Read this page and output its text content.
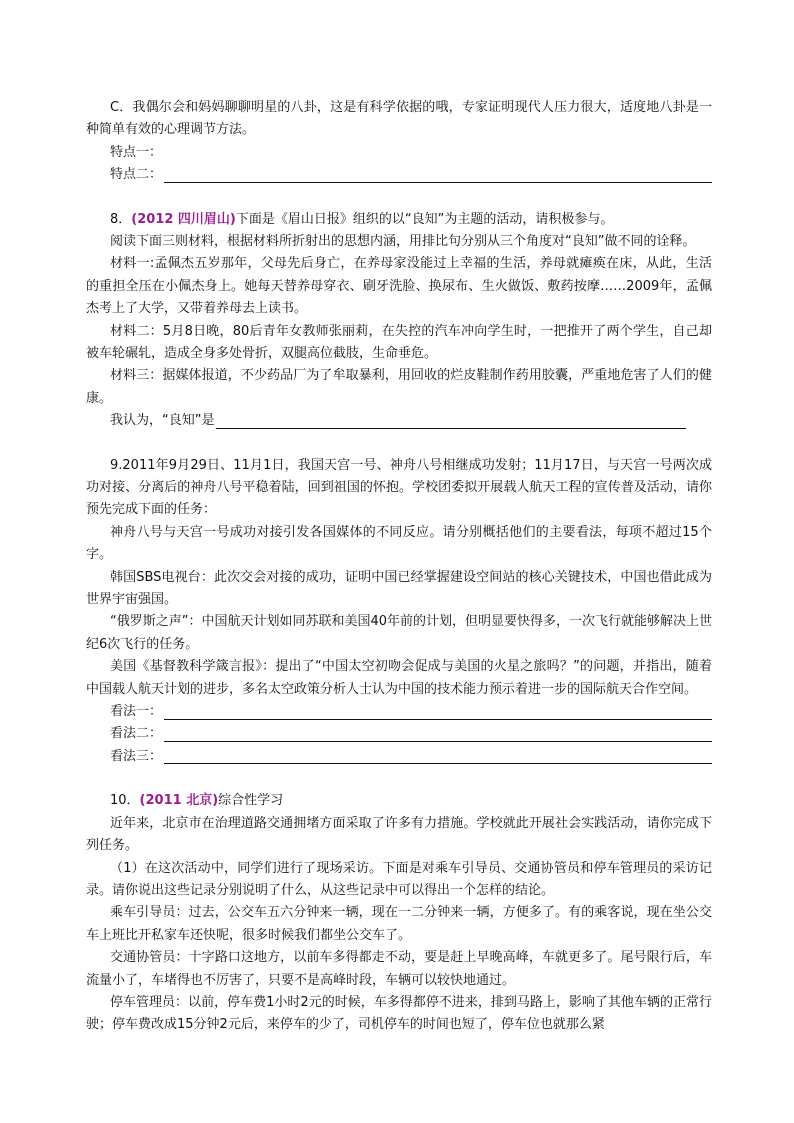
C．我偶尔会和妈妈聊聊明星的八卦，这是有科学依据的哦，专家证明现代人压力很大，适度地八卦是一种简单有效的心理调节方法。

特点一：
特点二：

8．(2012 四川眉山)下面是《眉山日报》组织的以“良知”为主题的活动，请积极参与。

阅读下面三则材料，根据材料所折射出的思想内涵，用排比句分别从三个角度对“良知”做不同的诠释。

材料一:孟佩杰五岁那年，父母先后身亡，在养母家没能过上幸福的生活，养母就瘫痪在床，从此，生活的重担全压在小佩杰身上。她每天替养母穿衣、刷牙洗脸、换尿布、生火做饭、敷药按摩……2009年，孟佩杰考上了大学，又带着养母去上读书。

材料二：5月8日晚，80后青年女教师张丽莉，在失控的汽车冲向学生时，一把推开了两个学生，自己却被车轮碾轧，造成全身多处骨折，双腿高位截肢，生命垂危。

材料三：据媒体报道，不少药品厂为了牟取暴利，用回收的烂皮鞋制作药用胶囊，严重地危害了人们的健康。

我认为，“良知”是

9.2011年9月29日、11月1日，我国天宫一号、神舟八号相继成功发射；11月17日，与天宫一号两次成功对接、分离后的神舟八号平稳着陆，回到祖国的怀抱。学校团委拟开展载人航天工程的宣传普及活动，请你预先完成下面的任务：

神舟八号与天宫一号成功对接引发各国媒体的不同反应。请分别概括他们的主要看法，每项不超过15个字。

韩国SBS电视台：此次交会对接的成功，证明中国已经掌握建设空间站的核心关键技术，中国也借此成为世界宇宙强国。

“俄罗斯之声”：中国航天计划如同苏联和美国40年前的计划，但明显要快得多，一次飞行就能够解决上世纪6次飞行的任务。

美国《基督教科学箴言报》：提出了“中国太空初吻会促成与美国的火星之旅吗？”的问题，并指出，随着中国载人航天计划的进步，多名太空政策分析人士认为中国的技术能力预示着进一步的国际航天合作空间。

看法一：
看法二：
看法三：

10．(2011 北京)综合性学习

近年来，北京市在治理道路交通拥堵方面采取了许多有力措施。学校就此开展社会实践活动，请你完成下列任务。

（1）在这次活动中，同学们进行了现场采访。下面是对乘车引导员、交通协管员和停车管理员的采访记录。请你说出这些记录分别说明了什么，从这些记录中可以得出一个怎样的结论。

乘车引导员：过去，公交车五六分钟来一辆，现在一二分钟来一辆，方便多了。有的乘客说，现在坐公交车上班比开私家车还快呢，很多时候我们都坐公交车了。

交通协管员：十字路口这地方，以前车多得都走不动，要是赶上早晚高峰，车就更多了。尾号限行后，车流量小了，车堵得也不厉害了，只要不是高峰时段，车辆可以较快地通过。

停车管理员：以前，停车费1小时2元的时候，车多得都停不进来，排到马路上，影响了其他车辆的正常行驶；停车费改成15分钟2元后，来停车的少了，司机停车的时间也短了，停车位也就那么紧
